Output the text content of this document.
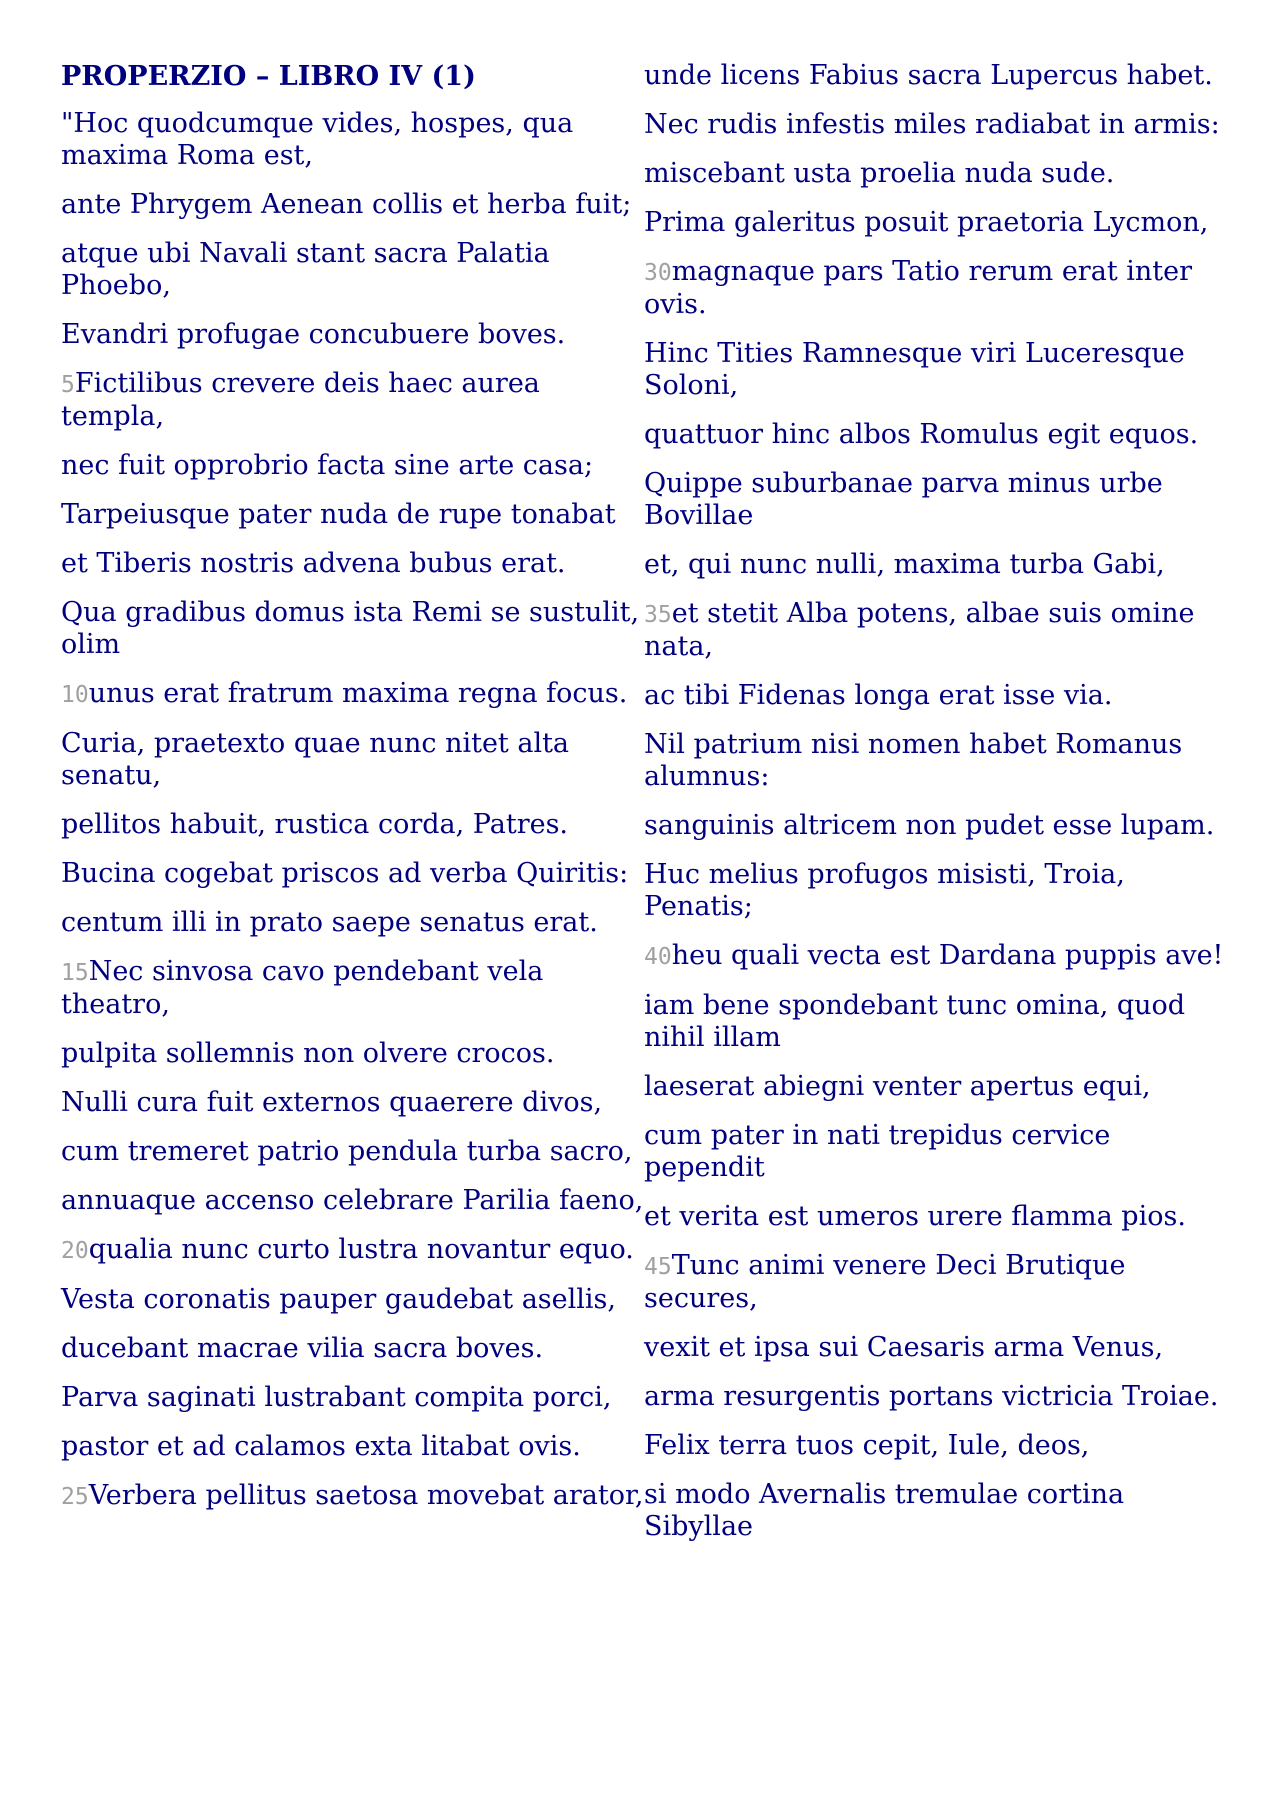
PROPERZIO – LIBRO IV (1)
"Hoc quodcumque vides, hospes, qua maxima Roma est,
ante Phrygem Aenean collis et herba fuit;
atque ubi Navali stant sacra Palatia Phoebo,
Evandri profugae concubuere boves.
5Fictilibus crevere deis haec aurea templa,
nec fuit opprobrio facta sine arte casa;
Tarpeiusque pater nuda de rupe tonabat
et Tiberis nostris advena bubus erat.
Qua gradibus domus ista Remi se sustulit, olim
10unus erat fratrum maxima regna focus.
Curia, praetexto quae nunc nitet alta senatu,
pellitos habuit, rustica corda, Patres.
Bucina cogebat priscos ad verba Quiritis:
centum illi in prato saepe senatus erat.
15Nec sinvosa cavo pendebant vela theatro,
pulpita sollemnis non olvere crocos.
Nulli cura fuit externos quaerere divos,
cum tremeret patrio pendula turba sacro,
annuaque accenso celebrare Parilia faeno,
20qualia nunc curto lustra novantur equo.
Vesta coronatis pauper gaudebat asellis,
ducebant macrae vilia sacra boves.
Parva saginati lustrabant compita porci,
pastor et ad calamos exta litabat ovis.
25Verbera pellitus saetosa movebat arator,
unde licens Fabius sacra Lupercus habet.
Nec rudis infestis miles radiabat in armis:
miscebant usta proelia nuda sude.
Prima galeritus posuit praetoria Lycmon,
30magnaque pars Tatio rerum erat inter ovis.
Hinc Tities Ramnesque viri Luceresque Soloni,
quattuor hinc albos Romulus egit equos.
Quippe suburbanae parva minus urbe Bovillae
et, qui nunc nulli, maxima turba Gabi,
35et stetit Alba potens, albae suis omine nata,
ac tibi Fidenas longa erat isse via.
Nil patrium nisi nomen habet Romanus alumnus:
sanguinis altricem non pudet esse lupam.
Huc melius profugos misisti, Troia, Penatis;
40heu quali vecta est Dardana puppis ave!
iam bene spondebant tunc omina, quod nihil illam
laeserat abiegni venter apertus equi,
cum pater in nati trepidus cervice pependit
et verita est umeros urere flamma pios.
45Tunc animi venere Deci Brutique secures,
vexit et ipsa sui Caesaris arma Venus,
arma resurgentis portans victricia Troiae.
Felix terra tuos cepit, Iule, deos,
si modo Avernalis tremulae cortina Sibyllae
